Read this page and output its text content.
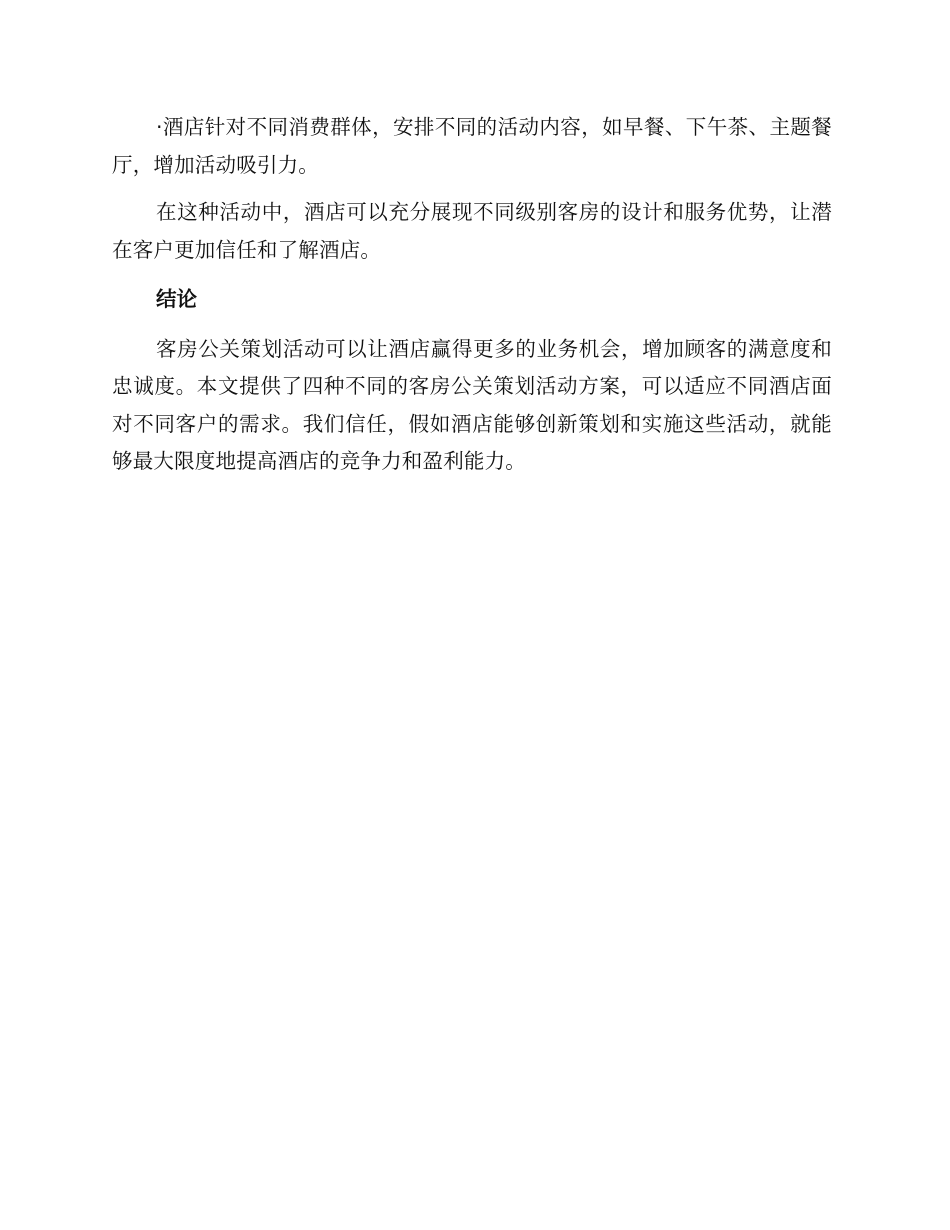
·酒店针对不同消费群体，安排不同的活动内容，如早餐、下午茶、主题餐厅，增加活动吸引力。

在这种活动中，酒店可以充分展现不同级别客房的设计和服务优势，让潜在客户更加信任和了解酒店。

结论

客房公关策划活动可以让酒店赢得更多的业务机会，增加顾客的满意度和忠诚度。本文提供了四种不同的客房公关策划活动方案，可以适应不同酒店面对不同客户的需求。我们信任，假如酒店能够创新策划和实施这些活动，就能够最大限度地提高酒店的竞争力和盈利能力。
